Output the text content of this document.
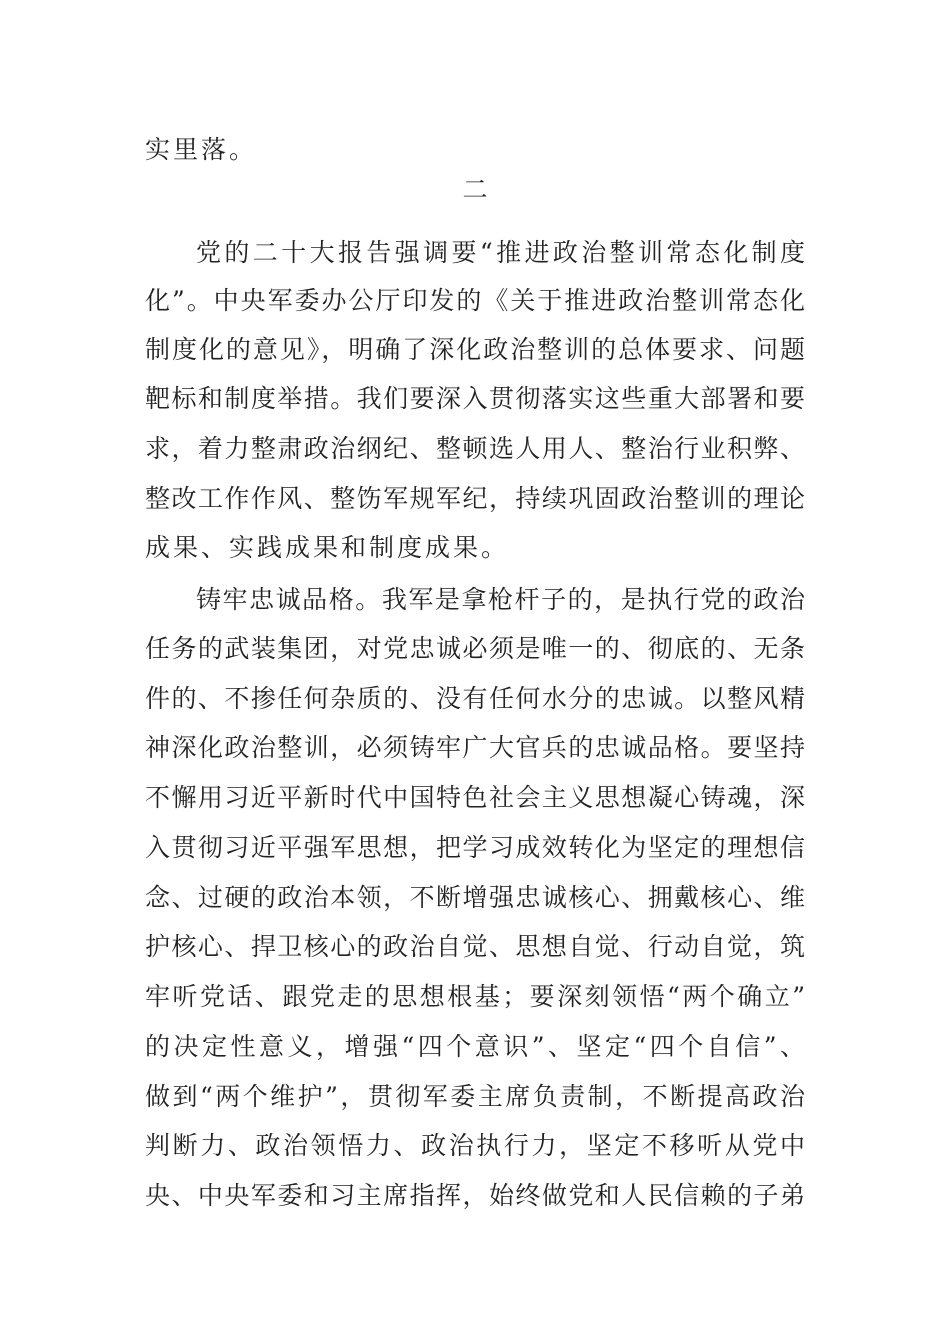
实里落。
二
党的二十大报告强调要“推进政治整训常态化制度
化”。中央军委办公厅印发的《关于推进政治整训常态化
制度化的意见》，明确了深化政治整训的总体要求、问题
靶标和制度举措。我们要深入贯彻落实这些重大部署和要
求，着力整肃政治纲纪、整顿选人用人、整治行业积弊、
整改工作作风、整饬军规军纪，持续巩固政治整训的理论
成果、实践成果和制度成果。
铸牢忠诚品格。我军是拿枪杆子的，是执行党的政治
任务的武装集团，对党忠诚必须是唯一的、彻底的、无条
件的、不掺任何杂质的、没有任何水分的忠诚。以整风精
神深化政治整训，必须铸牢广大官兵的忠诚品格。要坚持
不懈用习近平新时代中国特色社会主义思想凝心铸魂，深
入贯彻习近平强军思想，把学习成效转化为坚定的理想信
念、过硬的政治本领，不断增强忠诚核心、拥戴核心、维
护核心、捍卫核心的政治自觉、思想自觉、行动自觉，筑
牢听党话、跟党走的思想根基；要深刻领悟“两个确立”
的决定性意义，增强“四个意识”、坚定“四个自信”、
做到“两个维护”，贯彻军委主席负责制，不断提高政治
判断力、政治领悟力、政治执行力，坚定不移听从党中
央、中央军委和习主席指挥，始终做党和人民信赖的子弟
